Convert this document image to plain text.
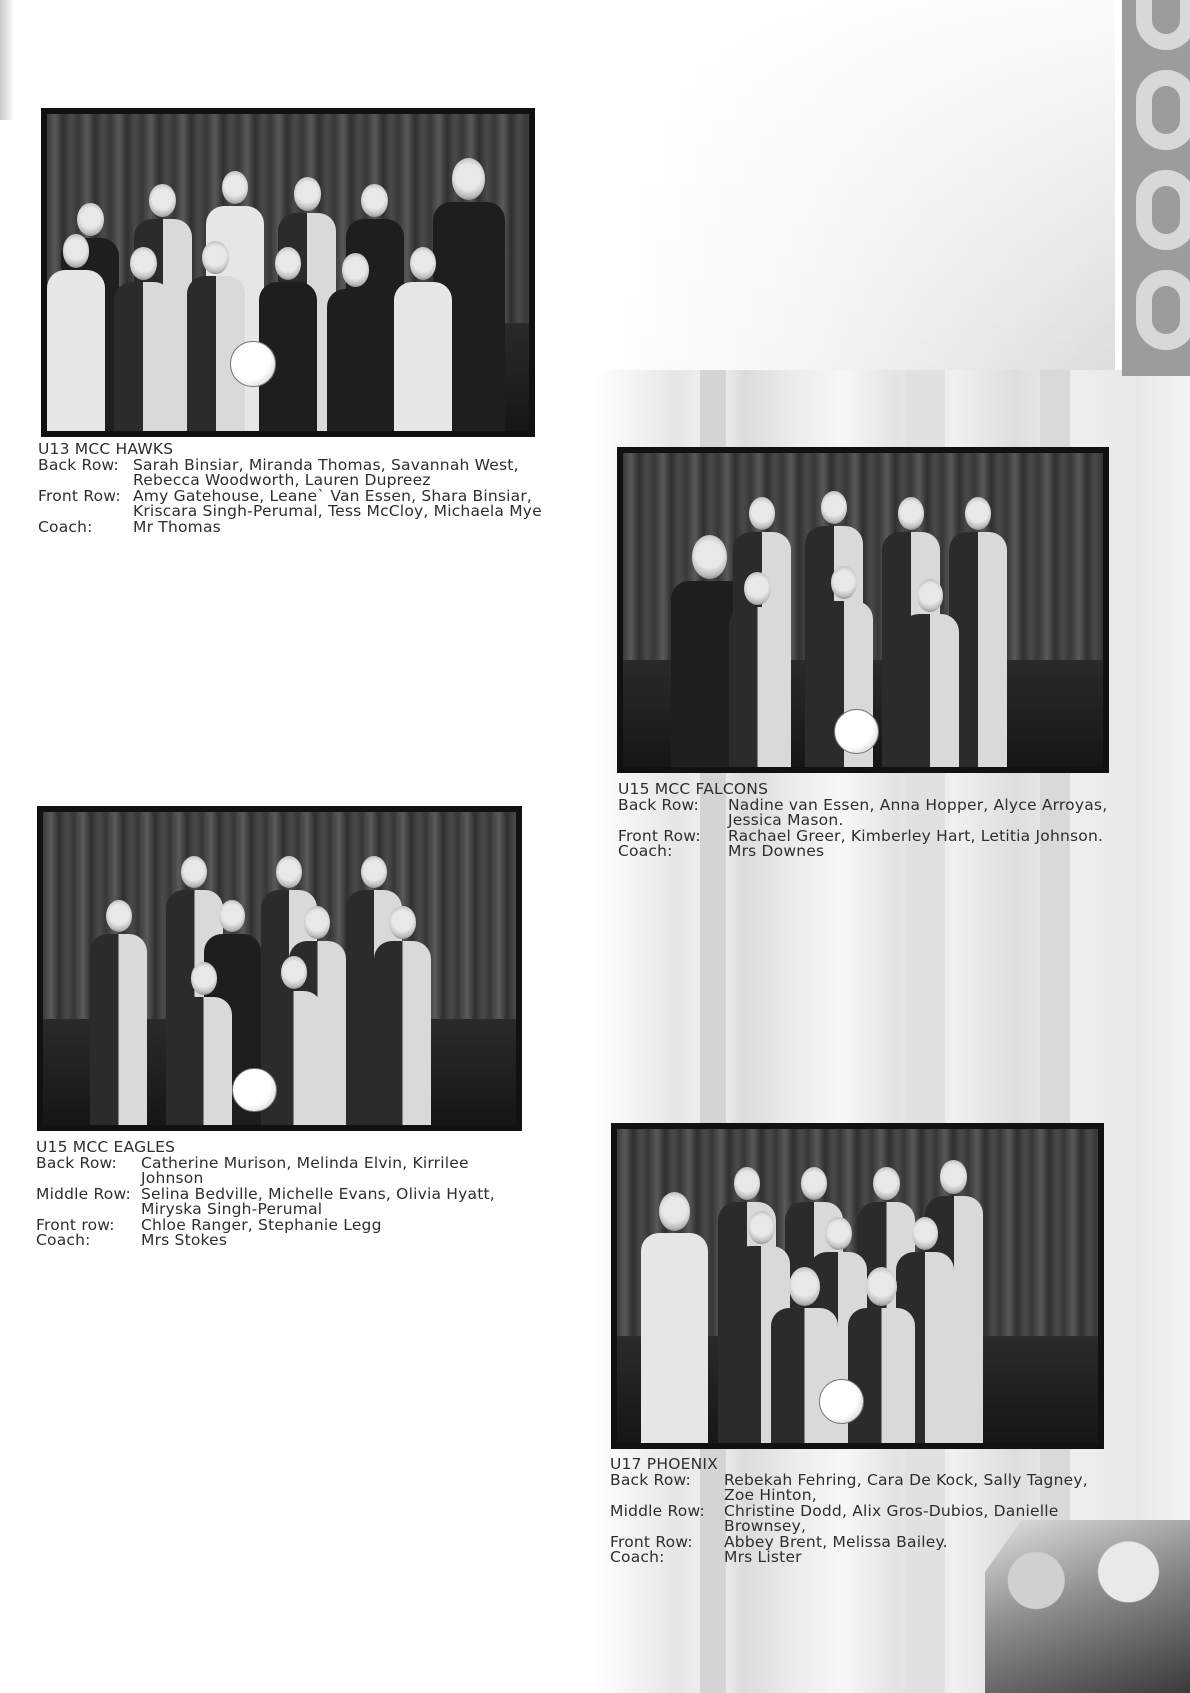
U13 MCC HAWKS
Back Row:	Sarah Binsiar, Miranda Thomas, Savannah West,
Rebecca Woodworth, Lauren Dupreez

Front Row:	Amy Gatehouse, Leane` Van Essen, Shara Binsiar,
Kriscara Singh-Perumal, Tess McCloy, Michaela Mye

Coach:	Mr Thomas
U15 MCC FALCONS
Back Row:	Nadine van Essen, Anna Hopper, Alyce Arroyas,
Jessica Mason.

Front Row:	Rachael Greer, Kimberley Hart, Letitia Johnson.

Coach:	Mrs Downes
U15 MCC EAGLES
Back Row:	Catherine Murison, Melinda Elvin, Kirrilee
Johnson

Middle Row:	Selina Bedville, Michelle Evans, Olivia Hyatt,
Miryska Singh-Perumal

Front row:	Chloe Ranger, Stephanie Legg

Coach:	Mrs Stokes
U17 PHOENIX
Back Row:	Rebekah Fehring, Cara De Kock, Sally Tagney,
Zoe Hinton,

Middle Row:	Christine Dodd, Alix Gros-Dubios, Danielle
Brownsey,

Front Row:	Abbey Brent, Melissa Bailey.

Coach:	Mrs Lister
